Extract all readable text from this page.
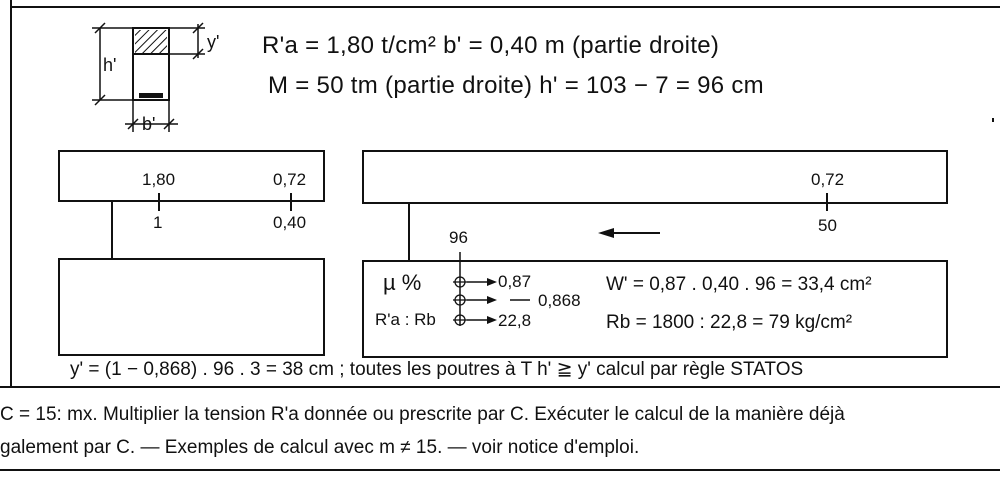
y'
h'
b'
R'a = 1,80 t/cm² b' = 0,40 m (partie droite)
M = 50 tm (partie droite) h' = 103 − 7 = 96 cm
1,80	0,72
1	0,40
0,72
50
96
µ %
R'a : Rb
0,87
0,868
22,8
W' = 0,87 . 0,40 . 96 = 33,4 cm²
Rb = 1800 : 22,8 = 79 kg/cm²
y' = (1 − 0,868) . 96 . 3 = 38 cm ; toutes les poutres à T h' ≧ y' calcul par règle STATOS
C = 15: mx. Multiplier la tension R'a donnée ou prescrite par C. Exécuter le calcul de la manière déjà
galement par C. — Exemples de calcul avec m ≠ 15. — voir notice d'emploi.
